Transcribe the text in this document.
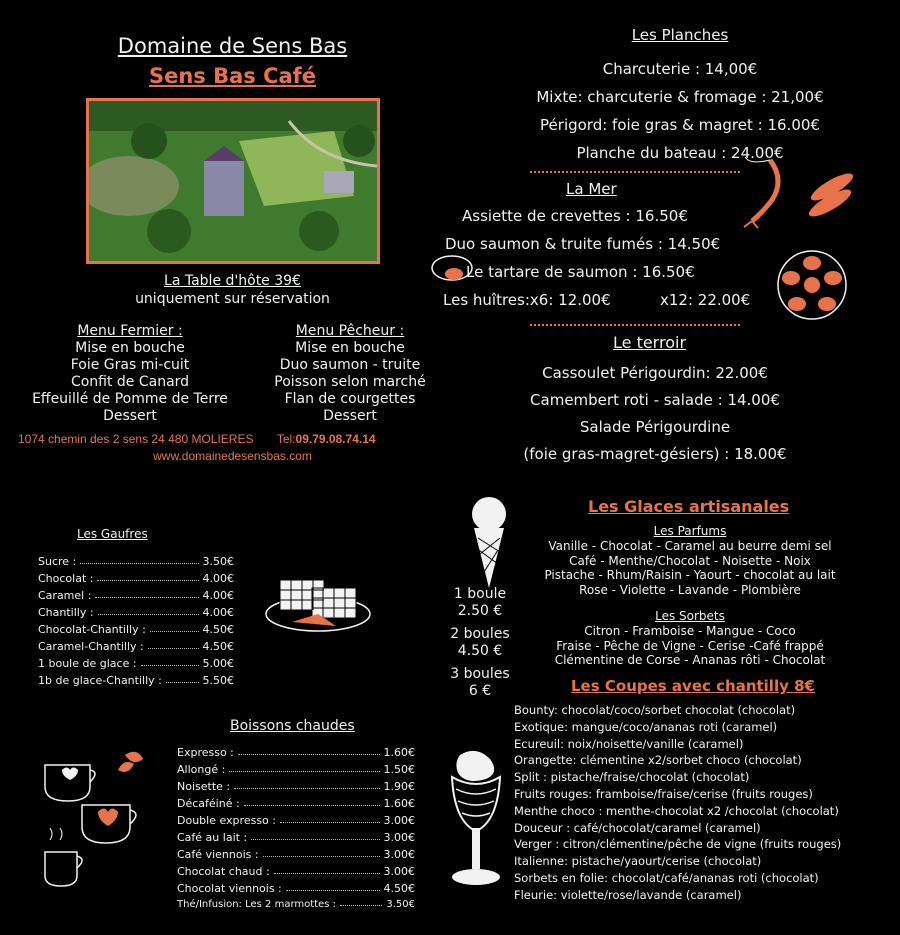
Domaine de Sens Bas
Sens Bas Café
La Table d'hôte 39€
uniquement sur réservation
Menu Fermier :
Mise en bouche
Foie Gras mi-cuit
Confit de Canard
Effeuillé de Pomme de Terre
Dessert
Menu Pêcheur :
Mise en bouche
Duo saumon - truite
Poisson selon marché
Flan de courgettes
Dessert
1074 chemin des 2 sens 24 480 MOLIERES Tel:09.79.08.74.14
www.domainedesensbas.com
Les Planches
Charcuterie : 14,00€
Mixte: charcuterie & fromage : 21,00€
Périgord: foie gras & magret : 16.00€
Planche du bateau : 24.00€
La Mer
Assiette de crevettes : 16.50€
Duo saumon & truite fumés : 14.50€
Le tartare de saumon : 16.50€
Les huîtres:x6: 12.00€	x12: 22.00€
Le terroir
Cassoulet Périgourdin: 22.00€
Camembert roti - salade : 14.00€
Salade Périgourdine
(foie gras-magret-gésiers) : 18.00€
Les Gaufres
Sucre :	3.50€
Chocolat :	4.00€
Caramel :	4.00€
Chantilly :	4.00€
Chocolat-Chantilly :	4.50€
Caramel-Chantilly :	4.50€
1 boule de glace :	5.00€
1b de glace-Chantilly :	5.50€
Boissons chaudes
Expresso :	1.60€
Allongé :	1.50€
Noisette :	1.90€
Décaféiné :	1.60€
Double expresso :	3.00€
Café au lait :	3.00€
Café viennois :	3.00€
Chocolat chaud :	3.00€
Chocolat viennois :	4.50€
Thé/Infusion: Les 2 marmottes :	3.50€
Les Glaces artisanales
Les Parfums
Vanille - Chocolat - Caramel au beurre demi sel
Café - Menthe/Chocolat - Noisette - Noix
Pistache - Rhum/Raisin - Yaourt - chocolat au lait
Rose - Violette - Lavande - Plombière
Les Sorbets
Citron - Framboise - Mangue - Coco
Fraise - Pêche de Vigne - Cerise -Café frappé
Clémentine de Corse - Ananas rôti - Chocolat
1 boule
2.50 €
2 boules
4.50 €
3 boules
6 €	Les Coupes avec chantilly 8€
Bounty: chocolat/coco/sorbet chocolat (chocolat)
Exotique: mangue/coco/ananas roti (caramel)
Ecureuil: noix/noisette/vanille (caramel)
Orangette: clémentine x2/sorbet choco (chocolat)
Split : pistache/fraise/chocolat (chocolat)
Fruits rouges: framboise/fraise/cerise (fruits rouges)
Menthe choco : menthe-chocolat x2 /chocolat (chocolat)
Douceur : café/chocolat/caramel (caramel)
Verger : citron/clémentine/pêche de vigne (fruits rouges)
Italienne: pistache/yaourt/cerise (chocolat)
Sorbets en folie: chocolat/café/ananas roti (chocolat)
Fleurie: violette/rose/lavande (caramel)
